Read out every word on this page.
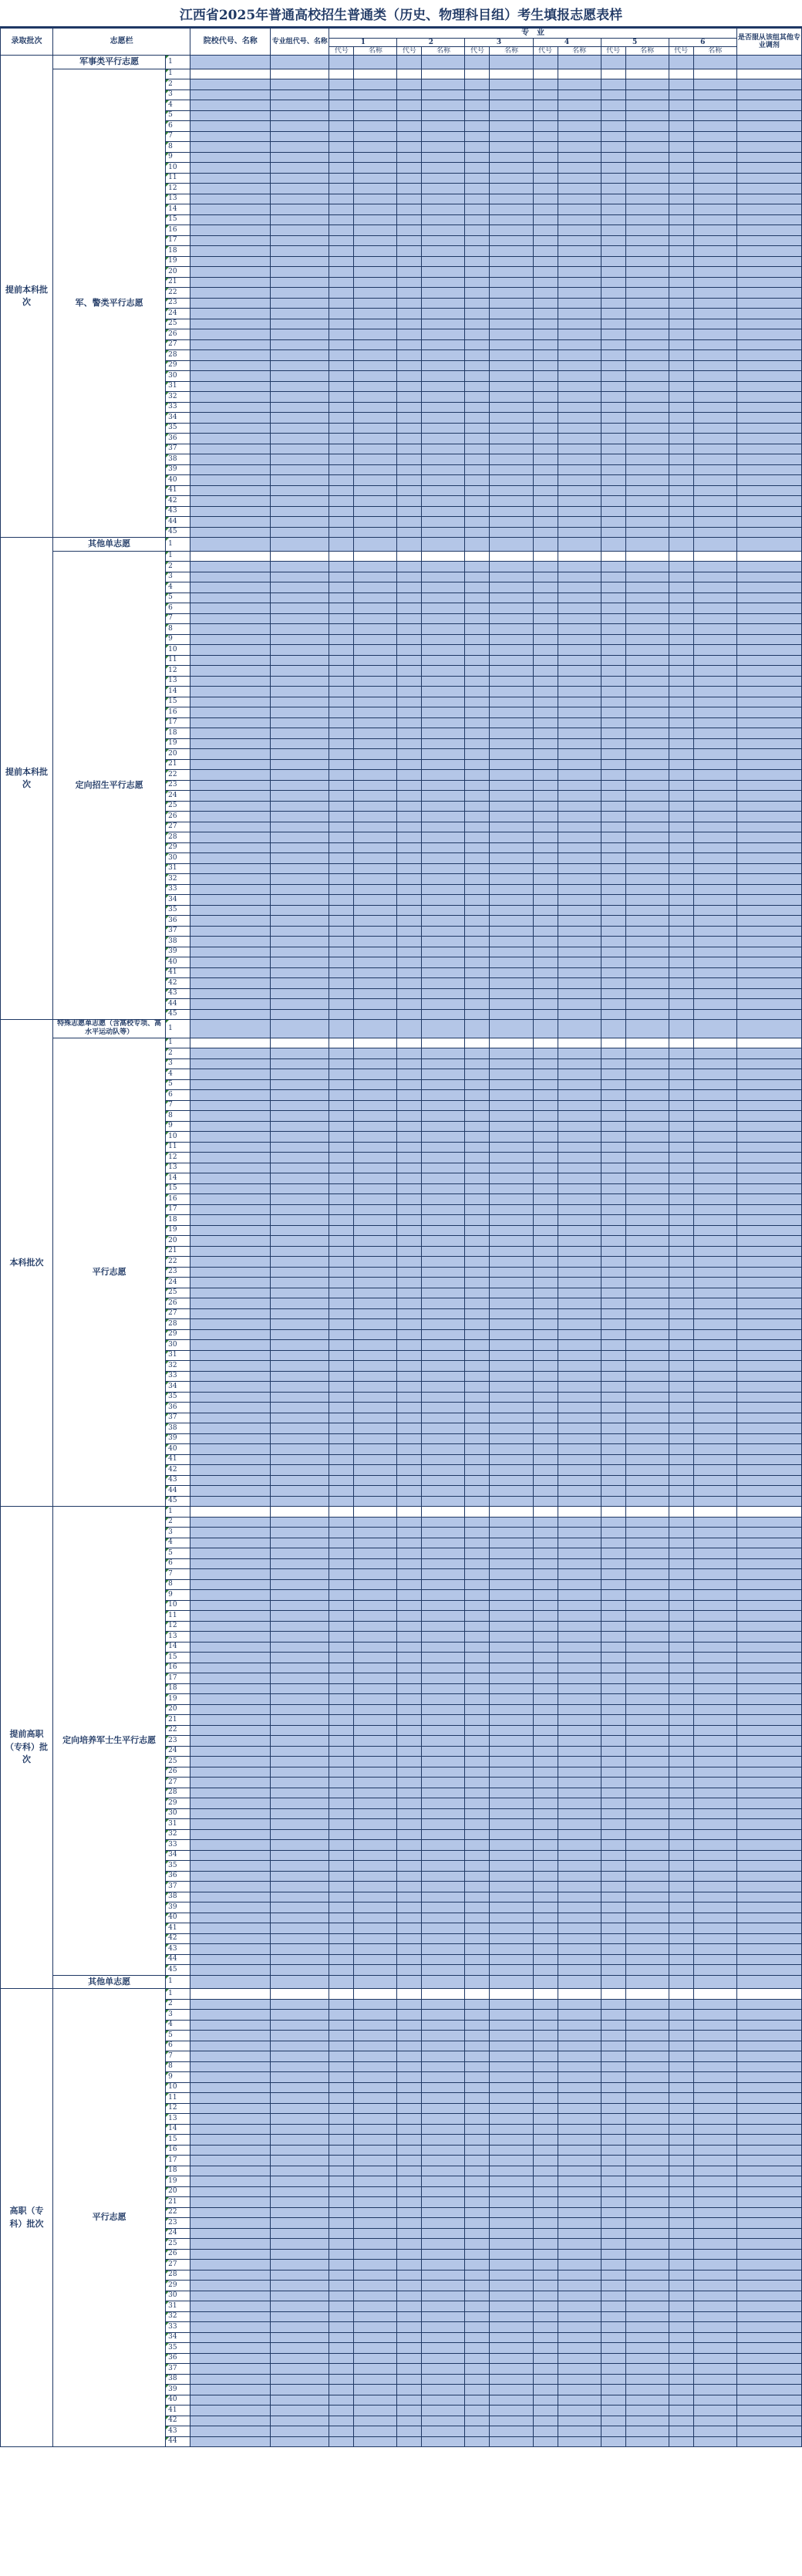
江西省2025年普通高校招生普通类（历史、物理科目组）考生填报志愿表样
录取批次	志愿栏		院校代号、名称	专业组代号、名称	专　业												是否服从该组其他专业调剂
					1		2		3		4		5		6		
					代号	名称	代号	名称	代号	名称	代号	名称	代号	名称	代号	名称	
提前本科批次	军事类平行志愿	1															
	军、警类平行志愿	1															
		2															
		3															
		4															
		5															
		6															
		7															
		8															
		9															
		10															
		11															
		12															
		13															
		14															
		15															
		16															
		17															
		18															
		19															
		20															
		21															
		22															
		23															
		24															
		25															
		26															
		27															
		28															
		29															
		30															
		31															
		32															
		33															
		34															
		35															
		36															
		37															
		38															
		39															
		40															
		41															
		42															
		43															
		44															
		45															
提前本科批次	其他单志愿	1															
	定向招生平行志愿	1															
		2															
		3															
		4															
		5															
		6															
		7															
		8															
		9															
		10															
		11															
		12															
		13															
		14															
		15															
		16															
		17															
		18															
		19															
		20															
		21															
		22															
		23															
		24															
		25															
		26															
		27															
		28															
		29															
		30															
		31															
		32															
		33															
		34															
		35															
		36															
		37															
		38															
		39															
		40															
		41															
		42															
		43															
		44															
		45															
本科批次	特殊志愿单志愿（含高校专项、高水平运动队等）	1															
	平行志愿	1															
		2															
		3															
		4															
		5															
		6															
		7															
		8															
		9															
		10															
		11															
		12															
		13															
		14															
		15															
		16															
		17															
		18															
		19															
		20															
		21															
		22															
		23															
		24															
		25															
		26															
		27															
		28															
		29															
		30															
		31															
		32															
		33															
		34															
		35															
		36															
		37															
		38															
		39															
		40															
		41															
		42															
		43															
		44															
		45															
提前高职（专科）批次	定向培养军士生平行志愿	1															
		2															
		3															
		4															
		5															
		6															
		7															
		8															
		9															
		10															
		11															
		12															
		13															
		14															
		15															
		16															
		17															
		18															
		19															
		20															
		21															
		22															
		23															
		24															
		25															
		26															
		27															
		28															
		29															
		30															
		31															
		32															
		33															
		34															
		35															
		36															
		37															
		38															
		39															
		40															
		41															
		42															
		43															
		44															
		45															
	其他单志愿	1															
高职（专科）批次	平行志愿	1															
		2															
		3															
		4															
		5															
		6															
		7															
		8															
		9															
		10															
		11															
		12															
		13															
		14															
		15															
		16															
		17															
		18															
		19															
		20															
		21															
		22															
		23															
		24															
		25															
		26															
		27															
		28															
		29															
		30															
		31															
		32															
		33															
		34															
		35															
		36															
		37															
		38															
		39															
		40															
		41															
		42															
		43															
		44															
